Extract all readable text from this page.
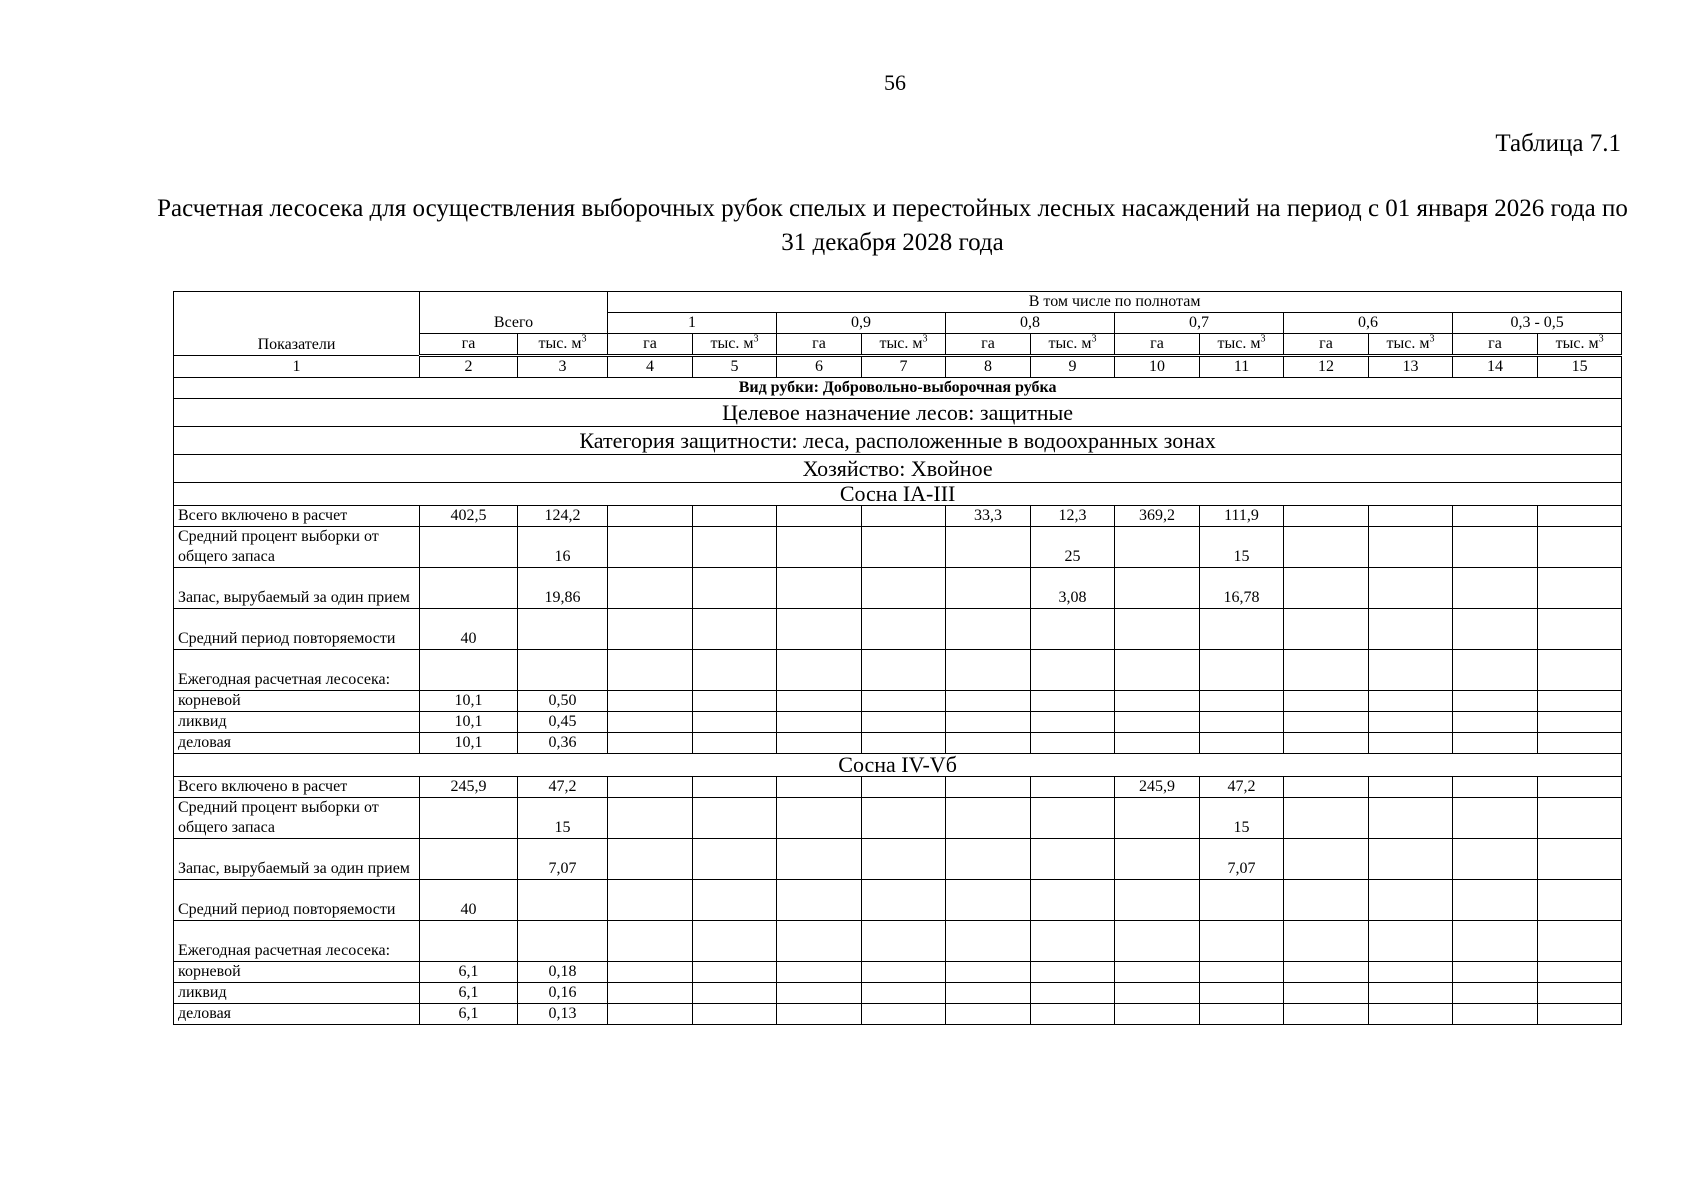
56
Таблица 7.1
Расчетная лесосека для осуществления выборочных рубок спелых и перестойных лесных насаждений на период с 01 января 2026 года по 31 декабря 2028 года
Показатели	Всего		В том числе по полнотам											
			1		0,9		0,8		0,7		0,6		0,3 - 0,5	
	га	тыс. $м^3$	га	тыс. $м^3$	га	тыс. $м^3$	га	тыс. $м^3$	га	тыс. $м^3$	га	тыс. $м^3$	га	тыс. $м^3$
1	2	3	4	5	6	7	8	9	10	11	12	13	14	15
Вид рубки: Добровольно-выборочная рубка														
Целевое назначение лесов: защитные														
Категория защитности: леса, расположенные в водоохранных зонах														
Хозяйство: Хвойное														
Сосна IA-III														
Всего включено в расчет	402,5	124,2					33,3	12,3	369,2	111,9				
Средний процент выборки от общего запаса		16						25		15				
Запас, вырубаемый за один прием		19,86						3,08		16,78				
Средний период повторяемости	40													
Ежегодная расчетная лесосека:														
корневой	10,1	0,50												
ликвид	10,1	0,45												
деловая	10,1	0,36												
Сосна IV-Vб														
Всего включено в расчет	245,9	47,2							245,9	47,2				
Средний процент выборки от общего запаса		15								15				
Запас, вырубаемый за один прием		7,07								7,07				
Средний период повторяемости	40													
Ежегодная расчетная лесосека:														
корневой	6,1	0,18												
ликвид	6,1	0,16												
деловая	6,1	0,13												
